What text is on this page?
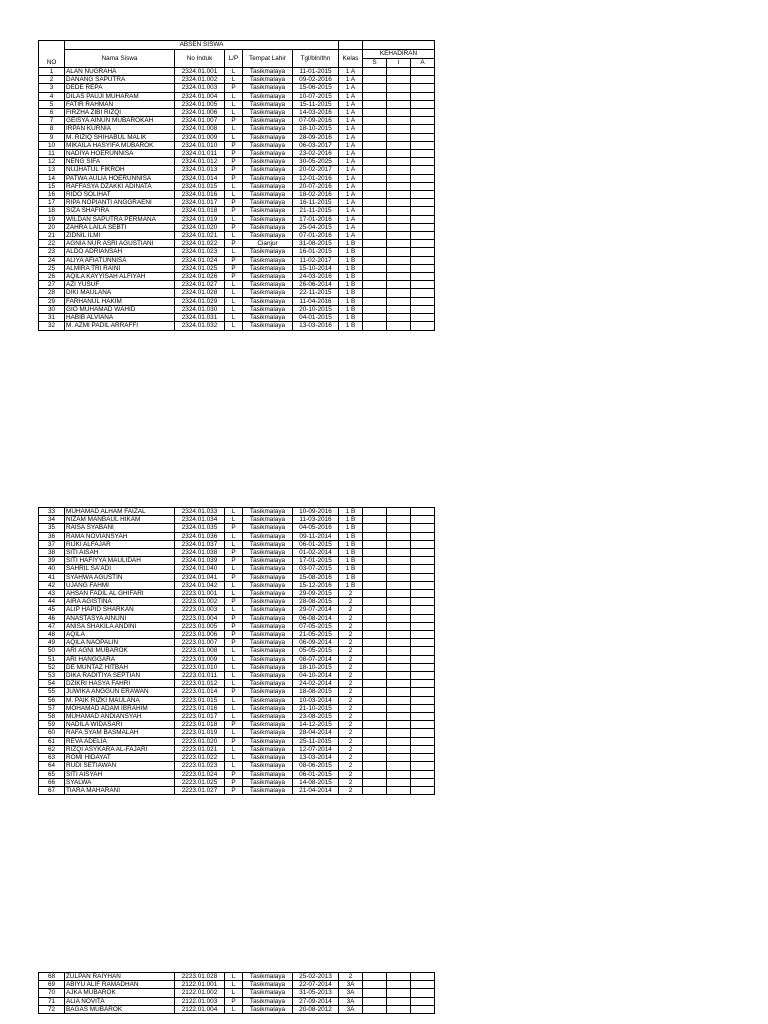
NO	ABSEN SISWA								
	Nama Siswa	No Induk	L/P	Tempat Lahir	Tgl/bln/thn	Kelas	KEHADIRAN		
							S	I	A
1	ALAN NUGRAHA	2324.01.001	L	Tasikmalaya	11-01-2015	1 A			
2	DANANG SAPUTRA	2324.01.002	L	Tasikmalaya	09-02-2016	1 A			
3	DEDE REPA	2324.01.003	P	Tasikmalaya	15-06-2015	1 A			
4	DILAS PAUJI MUHARAM	2324.01.004	L	Tasikmalaya	10-07-2015	1 A			
5	FATIR RAHMAN	2324.01.005	L	Tasikmalaya	15-11-2015	1 A			
6	FIRZHA ZIBI RIZQI	2324.01.006	L	Tasikmalaya	14-03-2016	1 A			
7	GEISYA AINUN MUBAROKAH	2324.01.007	P	Tasikmalaya	07-09-2016	1 A			
8	IRPAN KURNIA	2324.01.008	L	Tasikmalaya	18-10-2015	1 A			
9	M. RIZIQ SHIHABUL MALIK	2324.01.009	L	Tasikmalaya	28-09-2016	1 A			
10	MIKAILA HASYIFA MUBAROK	2324.01.010	P	Tasikmalaya	06-03-2017	1 A			
11	NADIYA HOERUNNISA	2324.01.011	P	Tasikmalaya	23-02-2016	1 A			
12	NENG SIFA	2324.01.012	P	Tasikmalaya	30-05-2025	1 A			
13	NUJHATUL FIKROH	2324.01.013	P	Tasikmalaya	20-02-2017	1 A			
14	PATWA AULIA HOERUNNISA	2324.01.014	P	Tasikmalaya	12-01-2016	1 A			
15	RAFFASYA DZAKKI ADINATA	2324.01.015	L	Tasikmalaya	20-07-2016	1 A			
16	RIDO SOLIHAT	2324.01.016	L	Tasikmalaya	18-02-2016	1 A			
17	RIPA NOPIANTI ANGGRAENI	2324.01.017	P	Tasikmalaya	16-11-2015	1 A			
18	SIZA SHAFIRA	2324.01.018	P	Tasikmalaya	21-11-2015	1 A			
19	WILDAN SAPUTRA PERMANA	2324.01.019	L	Tasikmalaya	17-01-2016	1 A			
20	ZAHRA LAILA SEBTI	2324.01.020	P	Tasikmalaya	25-04-2015	1 A			
21	ZIDNIL ILMI	2324.01.021	L	Tasikmalaya	07-01-2016	1 A			
22	AGNIA NUR ASRI AGUSTIANI	2324.01.022	P	Cianjur	31-08-2015	1 B			
23	ALDO ADRIANSAH	2324.01.023	L	Tasikmalaya	16-01-2015	1 B			
24	ALIYA AFIATUNNISA	2324.01.024	P	Tasikmalaya	11-02-2017	1 B			
25	ALMIRA TRI RAINI	2324.01.025	P	Tasikmalaya	15-10-2014	1 B			
26	AQILA KAYYISAH ALFIYAH	2324.01.026	P	Tasikmalaya	24-03-2016	1 B			
27	AZI YUSUF	2324.01.027	L	Tasikmalaya	26-06-2014	1 B			
28	DIKI MAULANA	2324.01.028	L	Tasikmalaya	22-11-2015	1 B			
29	FARHANUL HAKIM	2324.01.029	L	Tasikmalaya	11-04-2016	1 B			
30	GIO MUHAMAD WAHID	2324.01.030	L	Tasikmalaya	20-10-2015	1 B			
31	HABIB ALVIANA	2324.01.031	L	Tasikmalaya	04-01-2015	1 B			
32	M. AZMI PADIL ARRAFFI	2324.01.032	L	Tasikmalaya	13-03-2016	1 B			
33	MUHAMAD ALHAM FAIZAL	2324.01.033	L	Tasikmalaya	10-09-2016	1 B			
34	NIZAM MANBAUL HIKAM	2324.01.034	L	Tasikmalaya	11-03-2016	1 B			
35	RAISA SYABANI	2324.01.035	P	Tasikmalaya	04-05-2016	1 B			
36	RAMA NOVIANSYAH	2324.01.036	L	Tasikmalaya	09-11-2014	1 B			
37	RIJKI ALFAJAR	2324.01.037	L	Tasikmalaya	06-01-2015	1 B			
38	SITI AISAH	2324.01.038	P	Tasikmalaya	01-02-2014	1 B			
39	SITI HAFIYYA MAULIDAH	2324.01.039	P	Tasikmalaya	17-01-2015	1 B			
40	SAHRIL SA'ADI	2324.01.040	L	Tasikmalaya	03-07-2015	1 B			
41	SYAHWA AGUSTIN	2324.01.041	P	Tasikmalaya	15-08-2016	1 B			
42	UJANG FAHMI	2324.01.042	L	Tasikmalaya	15-12-2016	1 B			
43	AHSAN FADIL AL GHIFARI	2223.01.001	L	Tasikmalaya	29-09-2015	2			
44	AIRA AGISTINA	2223.01.002	P	Tasikmalaya	28-08-2015	2			
45	ALIP HAPID SHARKAN	2223.01.003	L	Tasikmalaya	29-07-2014	2			
46	ANASTASYA AINUNI	2223.01.004	P	Tasikmalaya	06-08-2014	2			
47	ANISA SHAKILA ANDINI	2223.01.005	P	Tasikmalaya	07-05-2015	2			
48	AQILA	2223.01.006	P	Tasikmalaya	21-05-2015	2			
49	AQILA NAOPALIN	2223.01.007	P	Tasikmalaya	06-09-2014	2			
50	ARI AGNI MUBAROK	2223.01.008	L	Tasikmalaya	05-05-2015	2			
51	ARI HANGGARA	2223.01.009	L	Tasikmalaya	08-07-2014	2			
52	DE MUNTAZ HITBAH	2223.01.010	L	Tasikmalaya	18-10-2015	2			
53	DIKA RADITIYA SEPTIAN	2223.01.011	L	Tasikmalaya	04-10-2014	2			
54	DZIKRI HASYA FAHRI	2223.01.012	L	Tasikmalaya	24-02-2014	2			
55	JUWIKA ANGGUN ERAWAN	2223.01.014	P	Tasikmalaya	18-08-2015	2			
56	M. PAIK RIZKI MAULANA	2223.01.015	L	Tasikmalaya	10-03-2014	2			
57	MOHAMAD ADAM IBRAHIM	2223.01.016	L	Tasikmalaya	21-10-2015	2			
58	MUHAMAD ANDIANSYAH	2223.01.017	L	Tasikmalaya	23-08-2015	2			
59	NADILA WIDASARI	2223.01.018	P	Tasikmalaya	14-12-2015	2			
60	RAFA SYAM BASMALAH	2223.01.019	L	Tasikmalaya	28-04-2014	2			
61	REVA ADELIA	2223.01.020	P	Tasikmalaya	25-11-2015	2			
62	RIZQI ASYKARA AL-FAJARI	2223.01.021	L	Tasikmalaya	12-07-2014	2			
63	ROMI HIDAYAT	2223.01.022	L	Tasikmalaya	13-03-2014	2			
64	RUDI SETIAWAN	2223.01.023	L	Tasikmalaya	08-06-2015	2			
65	SITI AISYAH	2223.01.024	P	Tasikmalaya	06-01-2015	2			
66	SYALWA	2223.01.025	P	Tasikmalaya	14-08-2015	2			
67	TIARA MAHARANI	2223.01.027	P	Tasikmalaya	21-04-2014	2			
68	ZULPAN RAIYHAN	2223.01.028	L	Tasikmalaya	25-02-2013	2			
69	ABIYU ALIF RAMADHAN	2122.01.001	L	Tasikmalaya	22-07-2014	3A			
70	AJKA MUBAROK	2122.01.002	L	Tasikmalaya	31-05-2013	3A			
71	ALIA NOVITA	2122.01.003	P	Tasikmalaya	27-09-2014	3A			
72	BAGAS MUBAROK	2122.01.004	L	Tasikmalaya	20-08-2012	3A			
